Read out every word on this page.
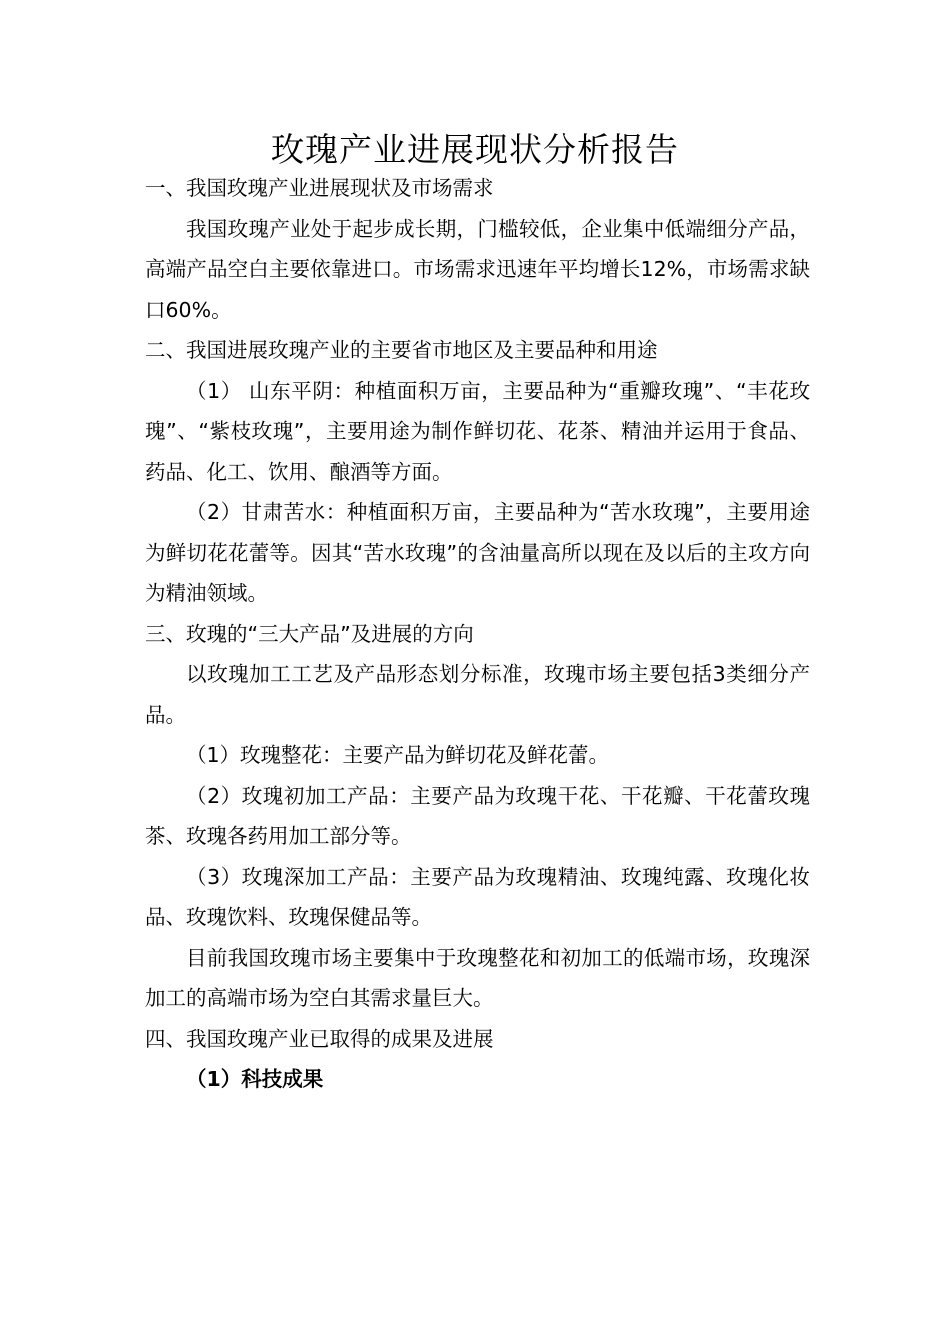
玫瑰产业进展现状分析报告

一、我国玫瑰产业进展现状及市场需求

我国玫瑰产业处于起步成长期，门槛较低，企业集中低端细分产品，高端产品空白主要依靠进口。市场需求迅速年平均增长12%，市场需求缺口60%。

二、我国进展玫瑰产业的主要省市地区及主要品种和用途

（1） 山东平阴：种植面积万亩，主要品种为“重瓣玫瑰”、“丰花玫瑰”、“紫枝玫瑰”，主要用途为制作鲜切花、花茶、精油并运用于食品、药品、化工、饮用、酿酒等方面。

（2）甘肃苦水：种植面积万亩，主要品种为“苦水玫瑰”，主要用途为鲜切花花蕾等。因其“苦水玫瑰”的含油量高所以现在及以后的主攻方向为精油领域。

三、玫瑰的“三大产品”及进展的方向

以玫瑰加工工艺及产品形态划分标准，玫瑰市场主要包括3类细分产品。

（1）玫瑰整花：主要产品为鲜切花及鲜花蕾。

（2）玫瑰初加工产品：主要产品为玫瑰干花、干花瓣、干花蕾玫瑰茶、玫瑰各药用加工部分等。

（3）玫瑰深加工产品：主要产品为玫瑰精油、玫瑰纯露、玫瑰化妆品、玫瑰饮料、玫瑰保健品等。

目前我国玫瑰市场主要集中于玫瑰整花和初加工的低端市场，玫瑰深加工的高端市场为空白其需求量巨大。

四、我国玫瑰产业已取得的成果及进展

（1）科技成果
